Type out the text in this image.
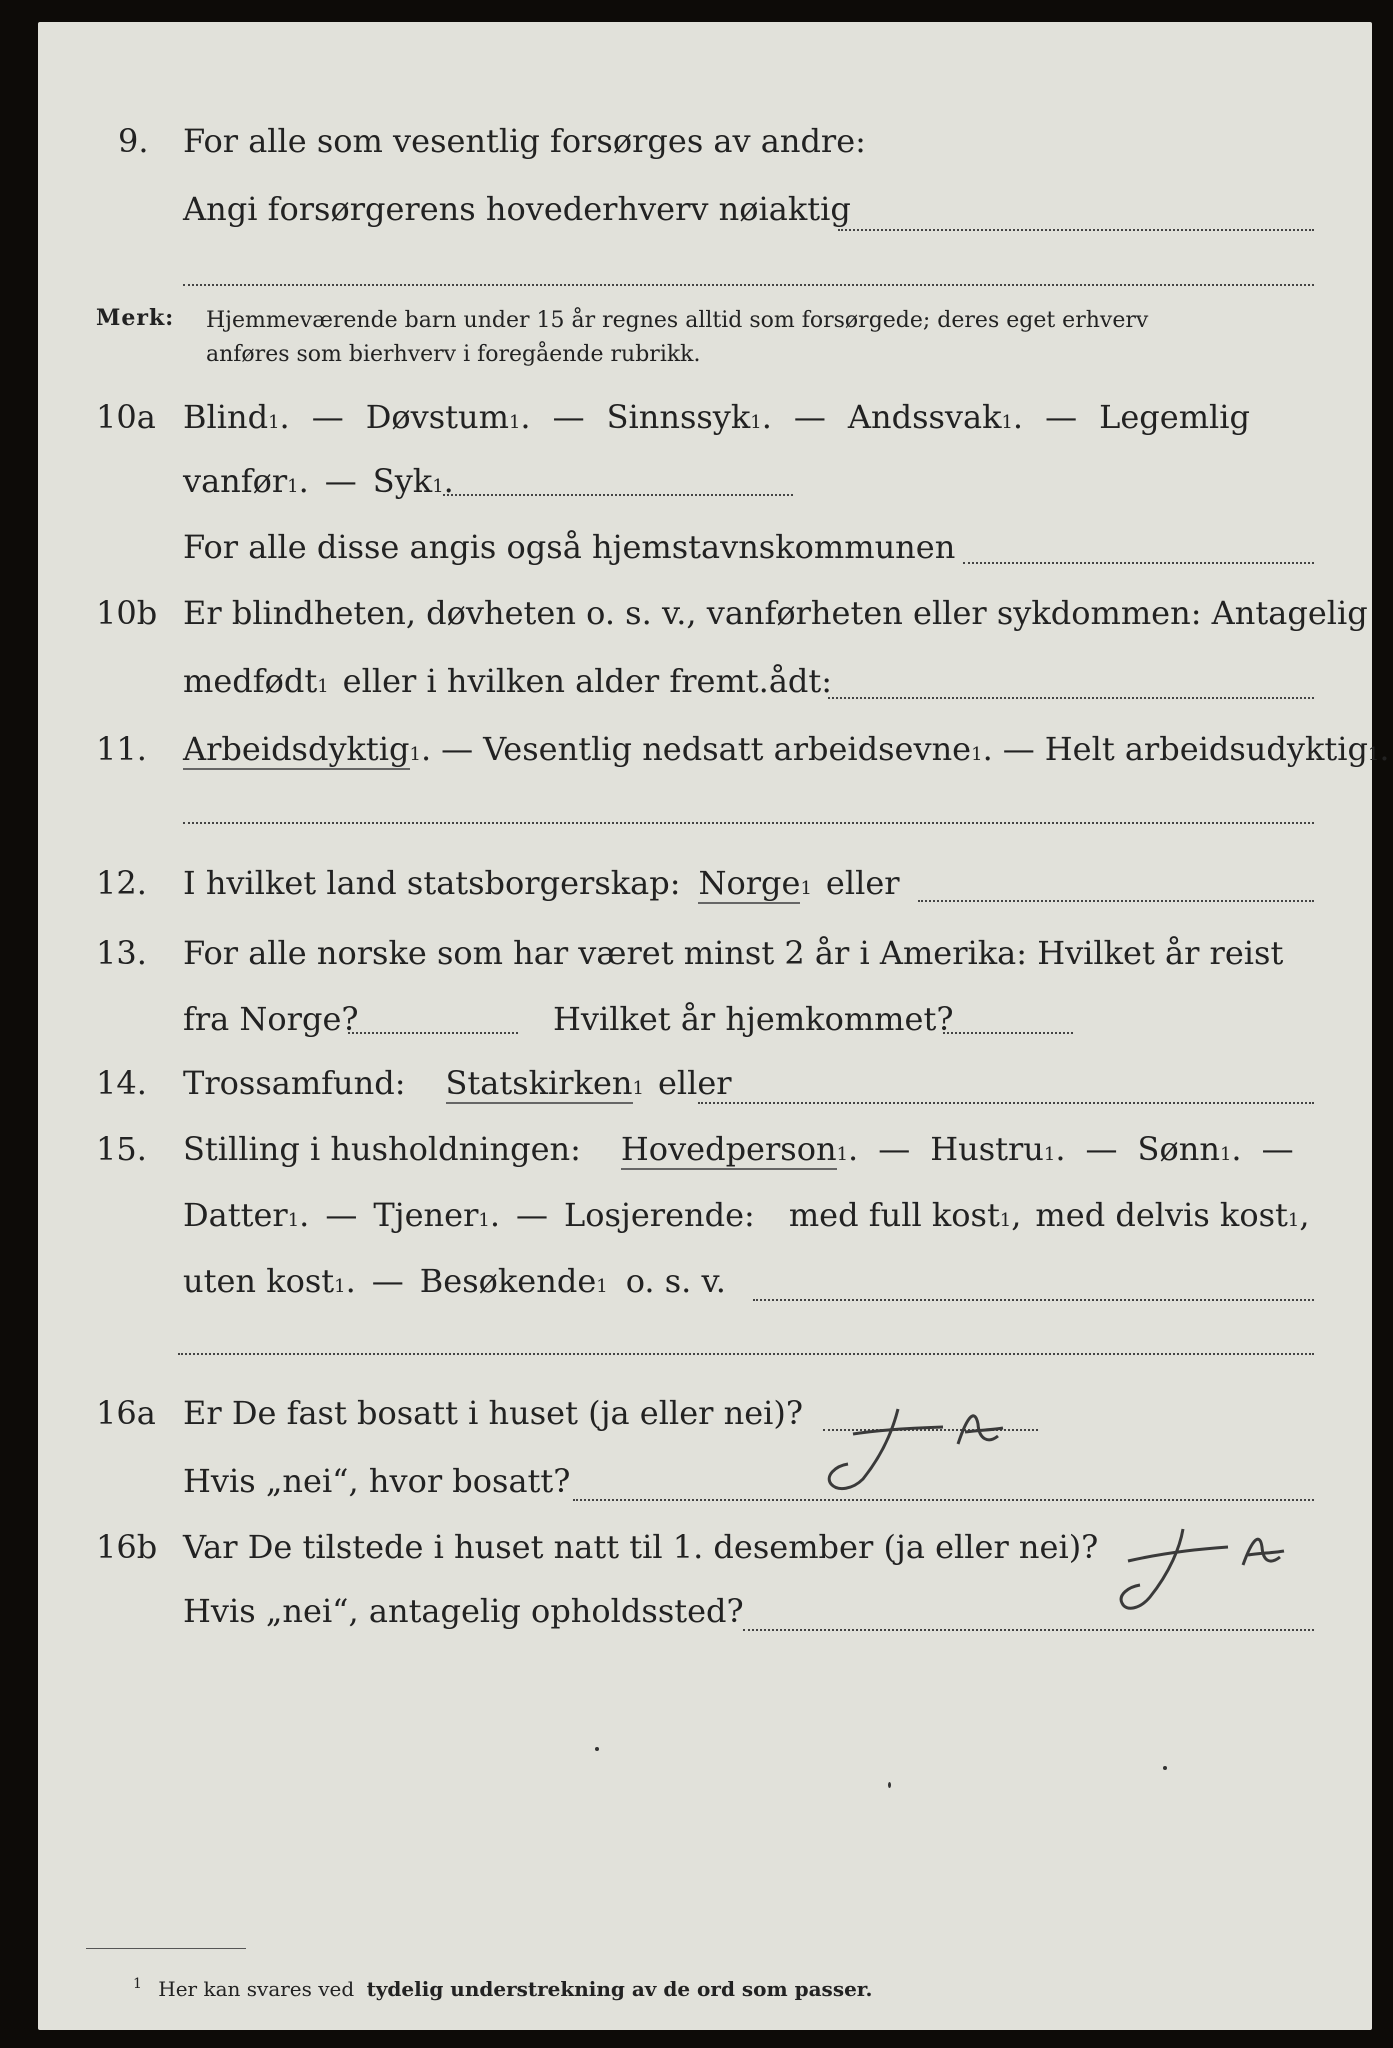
9. For alle som vesentlig forsørges av andre:
Angi forsørgerens hovederhverv nøiaktig
Merk: Hjemmeværende barn under 15 år regnes alltid som forsørgede; deres eget erhverv
anføres som bierhverv i foregående rubrikk.
10a Blind 1 . — Døvstum 1 . — Sinnssyk 1 . — Andssvak 1 . — Legemlig
vanfør 1 . — Syk 1 .
For alle disse angis også hjemstavnskommunen
10b Er blindheten, døvheten o. s. v., vanførheten eller sykdommen: Antagelig
medfødt 1 eller i hvilken alder fremt.ådt:
11. Arbeidsdyktig 1 . — Vesentlig nedsatt arbeidsevne 1 . — Helt arbeidsudyktig 1 .
12. I hvilket land statsborgerskap: Norge 1 eller
13. For alle norske som har været minst 2 år i Amerika: Hvilket år reist
fra Norge?	Hvilket år hjemkommet?
14. Trossamfund: Statskirken 1 eller
15. Stilling i husholdningen: Hovedperson 1 . — Hustru 1 . — Sønn 1 . —
Datter 1 . — Tjener 1 . — Losjerende: med full kost 1 , med delvis kost 1 ,
uten kost 1 . — Besøkende 1 o. s. v.
16a Er De fast bosatt i huset (ja eller nei)? Ja
Hvis „nei“, hvor bosatt?
16b Var De tilstede i huset natt til 1. desember (ja eller nei)?
Ja
Hvis „nei“, antagelig opholdssted?
$^1$ Her kan svares ved tydelig understrekning av de ord som passer.
